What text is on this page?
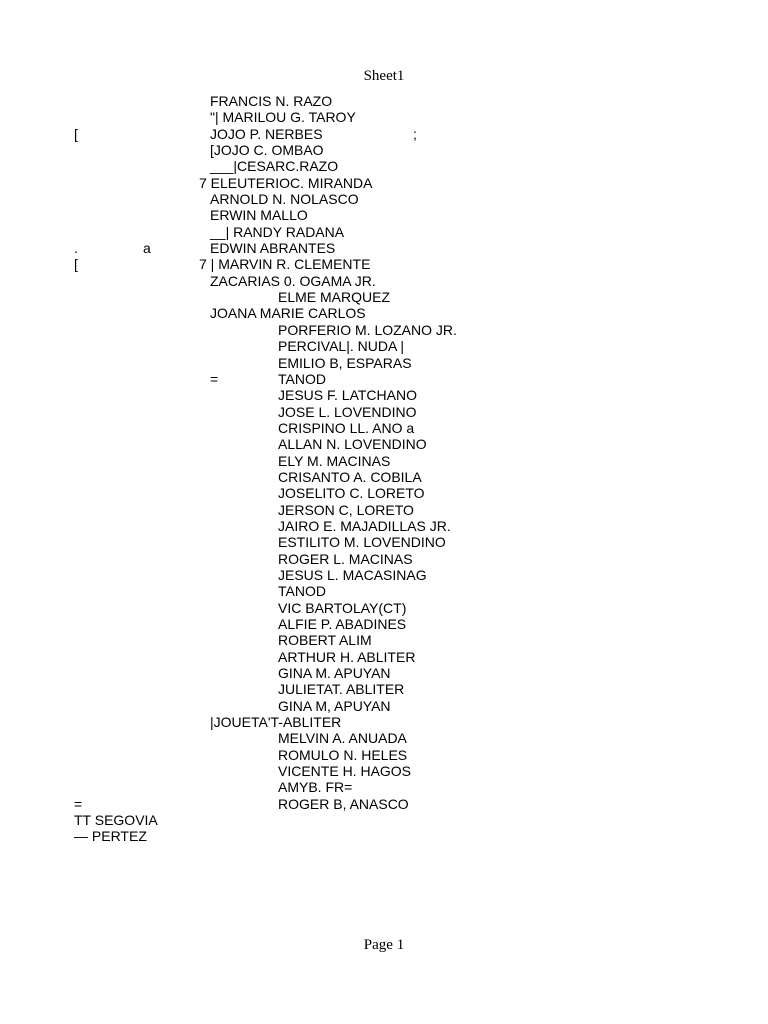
Sheet1
FRANCIS N. RAZO
"| MARILOU G. TAROY
[	JOJO P. NERBES	;
[JOJO C. OMBAO
___|CESARC.RAZO
7 ELEUTERIOC. MIRANDA
ARNOLD N. NOLASCO
ERWIN MALLO
__| RANDY RADANA
.	a	EDWIN ABRANTES
[	7 | MARVIN R. CLEMENTE
ZACARIAS 0. OGAMA JR.
ELME MARQUEZ
JOANA MARIE CARLOS
PORFERIO M. LOZANO JR.
PERCIVAL|. NUDA |
EMILIO B, ESPARAS
=	TANOD
JESUS F. LATCHANO
JOSE L. LOVENDINO
CRISPINO LL. ANO a
ALLAN N. LOVENDINO
ELY M. MACINAS
CRISANTO A. COBILA
JOSELITO C. LORETO
JERSON C, LORETO
JAIRO E. MAJADILLAS JR.
ESTILITO M. LOVENDINO
ROGER L. MACINAS
JESUS L. MACASINAG
TANOD
VIC BARTOLAY(CT)
ALFIE P. ABADINES
ROBERT ALIM
ARTHUR H. ABLITER
GINA M. APUYAN
JULIETAT. ABLITER
GINA M, APUYAN
|JOUETA'T-ABLITER
MELVIN A. ANUADA
ROMULO N. HELES
VICENTE H. HAGOS
AMYB. FR=
=	ROGER B, ANASCO
TT SEGOVIA
— PERTEZ
Page 1
